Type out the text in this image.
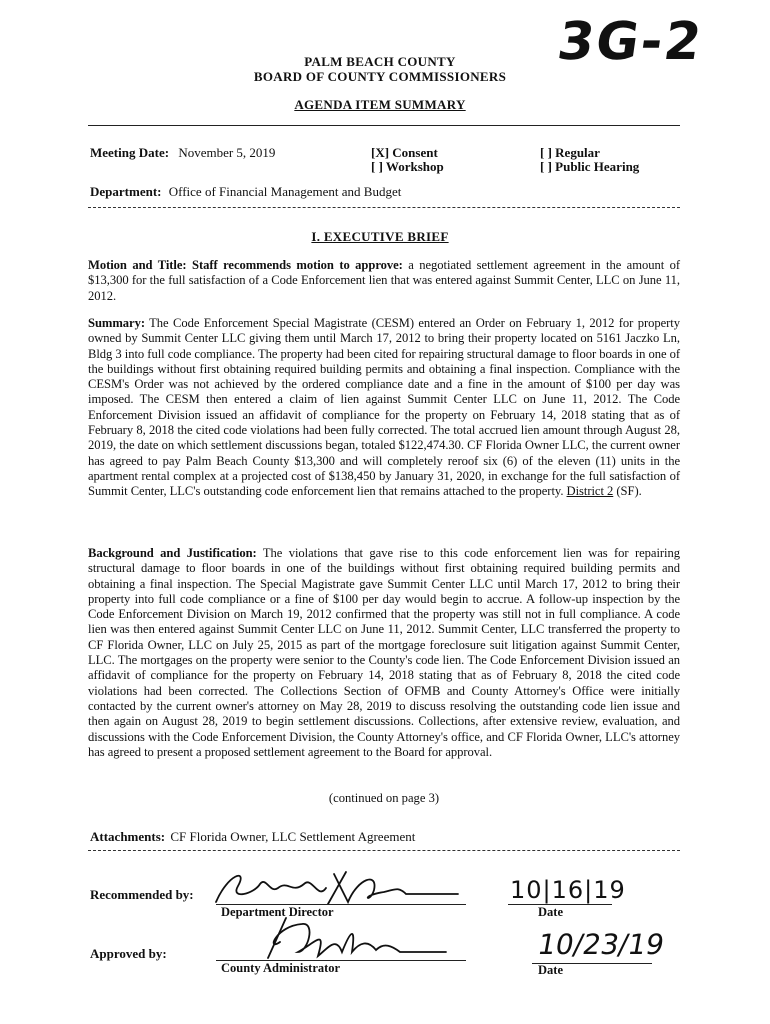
3G-2
PALM BEACH COUNTY
BOARD OF COUNTY COMMISSIONERS
AGENDA ITEM SUMMARY
Meeting Date: November 5, 2019	[X] Consent
[ ] Workshop
[ ] Regular
[ ] Public Hearing
Department: Office of Financial Management and Budget
I. EXECUTIVE BRIEF

Motion and Title: Staff recommends motion to approve: a negotiated settlement agreement in the amount of $13,300 for the full satisfaction of a Code Enforcement lien that was entered against Summit Center, LLC on June 11, 2012.

Summary: The Code Enforcement Special Magistrate (CESM) entered an Order on February 1, 2012 for property owned by Summit Center LLC giving them until March 17, 2012 to bring their property located on 5161 Jaczko Ln, Bldg 3 into full code compliance. The property had been cited for repairing structural damage to floor boards in one of the buildings without first obtaining required building permits and obtaining a final inspection. Compliance with the CESM's Order was not achieved by the ordered compliance date and a fine in the amount of $100 per day was imposed. The CESM then entered a claim of lien against Summit Center LLC on June 11, 2012. The Code Enforcement Division issued an affidavit of compliance for the property on February 14, 2018 stating that as of February 8, 2018 the cited code violations had been fully corrected. The total accrued lien amount through August 28, 2019, the date on which settlement discussions began, totaled $122,474.30. CF Florida Owner LLC, the current owner has agreed to pay Palm Beach County $13,300 and will completely reroof six (6) of the eleven (11) units in the apartment rental complex at a projected cost of $138,450 by January 31, 2020, in exchange for the full satisfaction of Summit Center, LLC's outstanding code enforcement lien that remains attached to the property. District 2 (SF).

Background and Justification: The violations that gave rise to this code enforcement lien was for repairing structural damage to floor boards in one of the buildings without first obtaining required building permits and obtaining a final inspection. The Special Magistrate gave Summit Center LLC until March 17, 2012 to bring their property into full code compliance or a fine of $100 per day would begin to accrue. A follow-up inspection by the Code Enforcement Division on March 19, 2012 confirmed that the property was still not in full compliance. A code lien was then entered against Summit Center LLC on June 11, 2012. Summit Center, LLC transferred the property to CF Florida Owner, LLC on July 25, 2015 as part of the mortgage foreclosure suit litigation against Summit Center, LLC. The mortgages on the property were senior to the County's code lien. The Code Enforcement Division issued an affidavit of compliance for the property on February 14, 2018 stating that as of February 8, 2018 the cited code violations had been corrected. The Collections Section of OFMB and County Attorney's Office were initially contacted by the current owner's attorney on May 28, 2019 to discuss resolving the outstanding code lien issue and then again on August 28, 2019 to begin settlement discussions. Collections, after extensive review, evaluation, and discussions with the Code Enforcement Division, the County Attorney's office, and CF Florida Owner, LLC's attorney has agreed to present a proposed settlement agreement to the Board for approval.

(continued on page 3)
Attachments: CF Florida Owner, LLC Settlement Agreement
Recommended by:
Department Director
10|16|19
Date
Approved by:
County Administrator
10/23/19
Date
